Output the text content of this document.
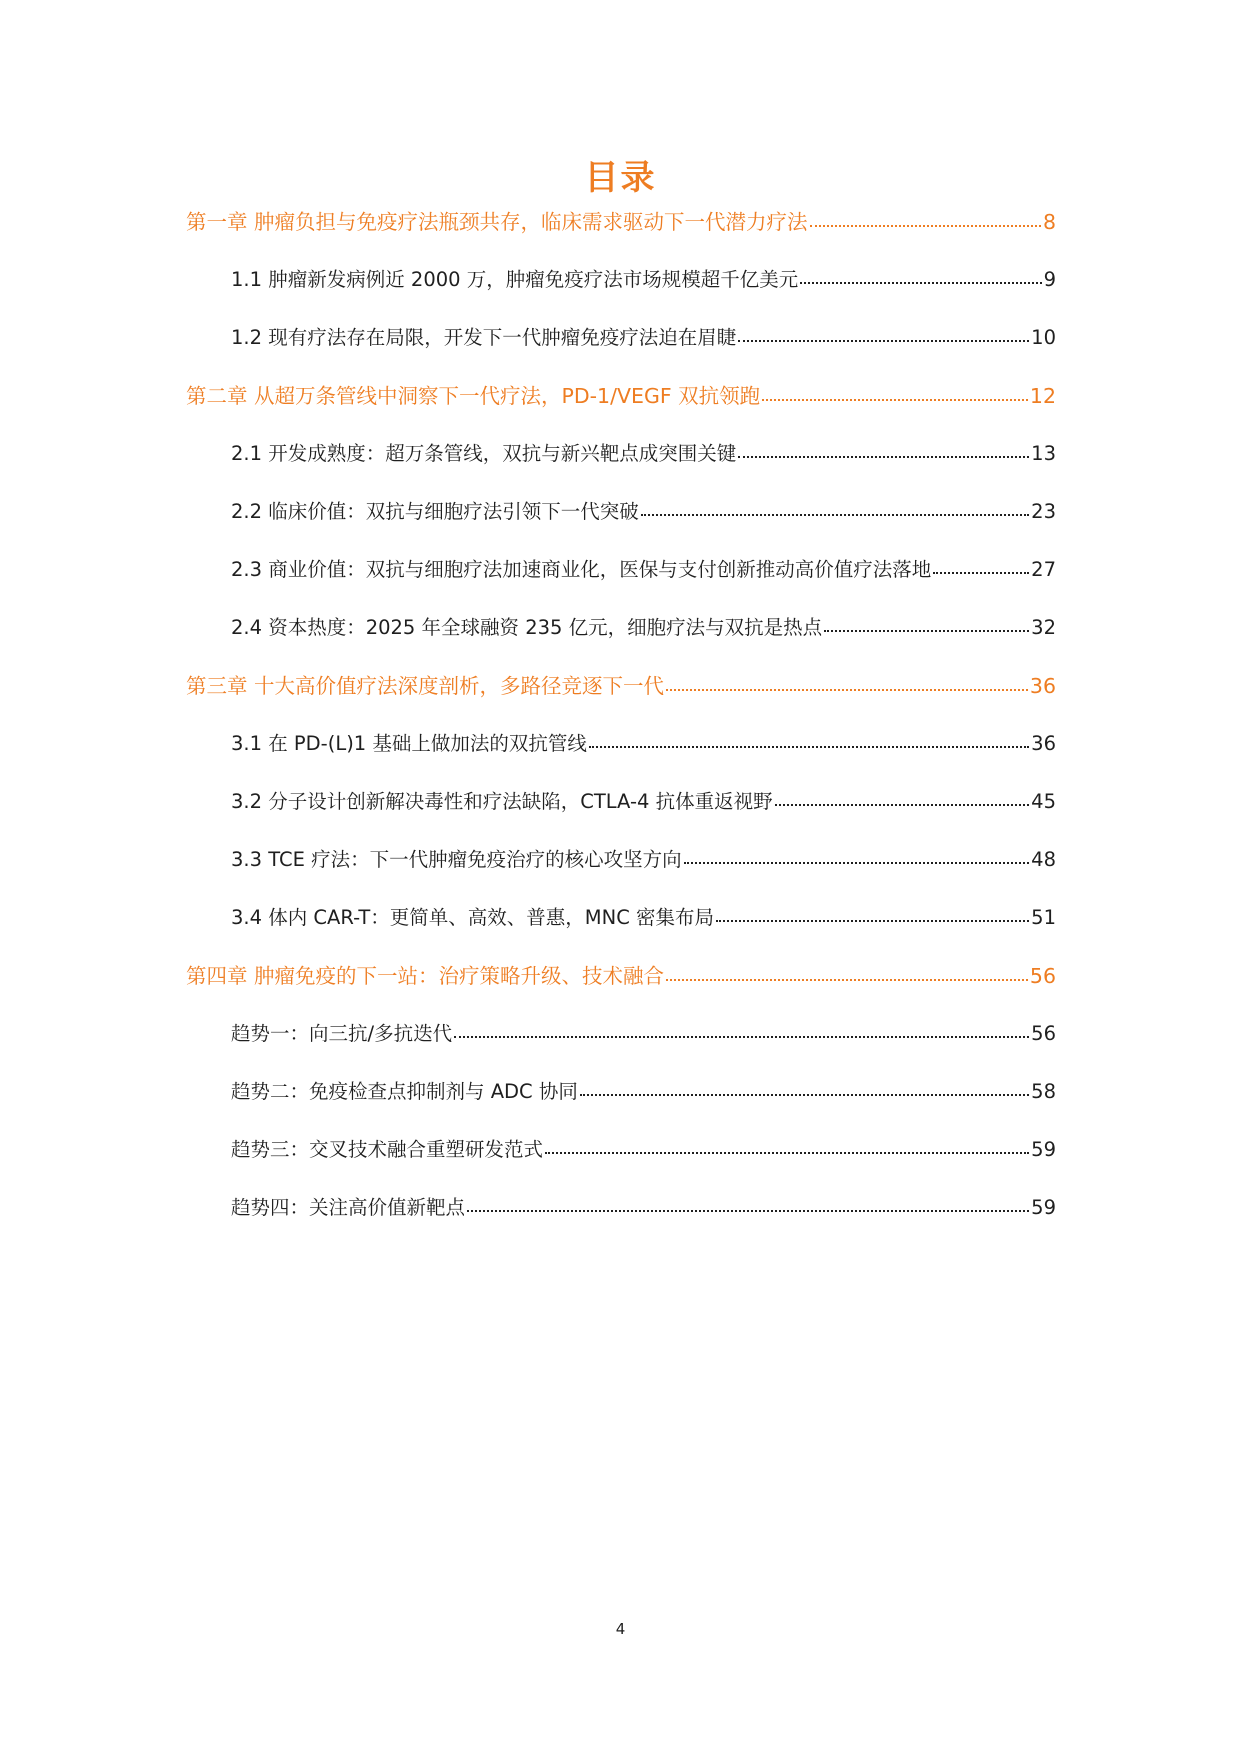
目录
第一章 肿瘤负担与免疫疗法瓶颈共存，临床需求驱动下一代潜力疗法	8
1.1 肿瘤新发病例近 2000 万，肿瘤免疫疗法市场规模超千亿美元	9
1.2 现有疗法存在局限，开发下一代肿瘤免疫疗法迫在眉睫	10
第二章 从超万条管线中洞察下一代疗法，PD-1/VEGF 双抗领跑	12
2.1 开发成熟度：超万条管线，双抗与新兴靶点成突围关键	13
2.2 临床价值：双抗与细胞疗法引领下一代突破	23
2.3 商业价值：双抗与细胞疗法加速商业化，医保与支付创新推动高价值疗法落地	27
2.4 资本热度：2025 年全球融资 235 亿元，细胞疗法与双抗是热点	32
第三章 十大高价值疗法深度剖析，多路径竞逐下一代	36
3.1 在 PD-(L)1 基础上做加法的双抗管线	36
3.2 分子设计创新解决毒性和疗法缺陷，CTLA-4 抗体重返视野	45
3.3 TCE 疗法：下一代肿瘤免疫治疗的核心攻坚方向	48
3.4 体内 CAR-T：更简单、高效、普惠，MNC 密集布局	51
第四章 肿瘤免疫的下一站：治疗策略升级、技术融合	56
趋势一：向三抗/多抗迭代	56
趋势二：免疫检查点抑制剂与 ADC 协同	58
趋势三：交叉技术融合重塑研发范式	59
趋势四：关注高价值新靶点	59
4
